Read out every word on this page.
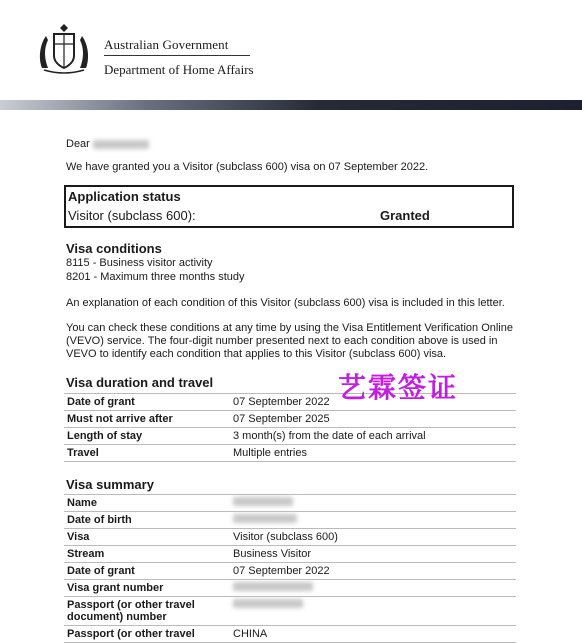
Australian Government
Department of Home Affairs
Dear
We have granted you a Visitor (subclass 600) visa on 07 September 2022.
Application status
Visitor (subclass 600):	Granted
Visa conditions
8115 - Business visitor activity
8201 - Maximum three months study
An explanation of each condition of this Visitor (subclass 600) visa is included in this letter.
You can check these conditions at any time by using the Visa Entitlement Verification Online
(VEVO) service. The four-digit number presented next to each condition above is used in
VEVO to identify each condition that applies to this Visitor (subclass 600) visa.
Visa duration and travel
Date of grant	07 September 2022
Must not arrive after	07 September 2025
Length of stay	3 month(s) from the date of each arrival
Travel	Multiple entries
Visa summary
Name	
Date of birth	
Visa	Visitor (subclass 600)
Stream	Business Visitor
Date of grant	07 September 2022
Visa grant number	
Passport (or other travel document) number	
Passport (or other travel	CHINA
艺霖签证
